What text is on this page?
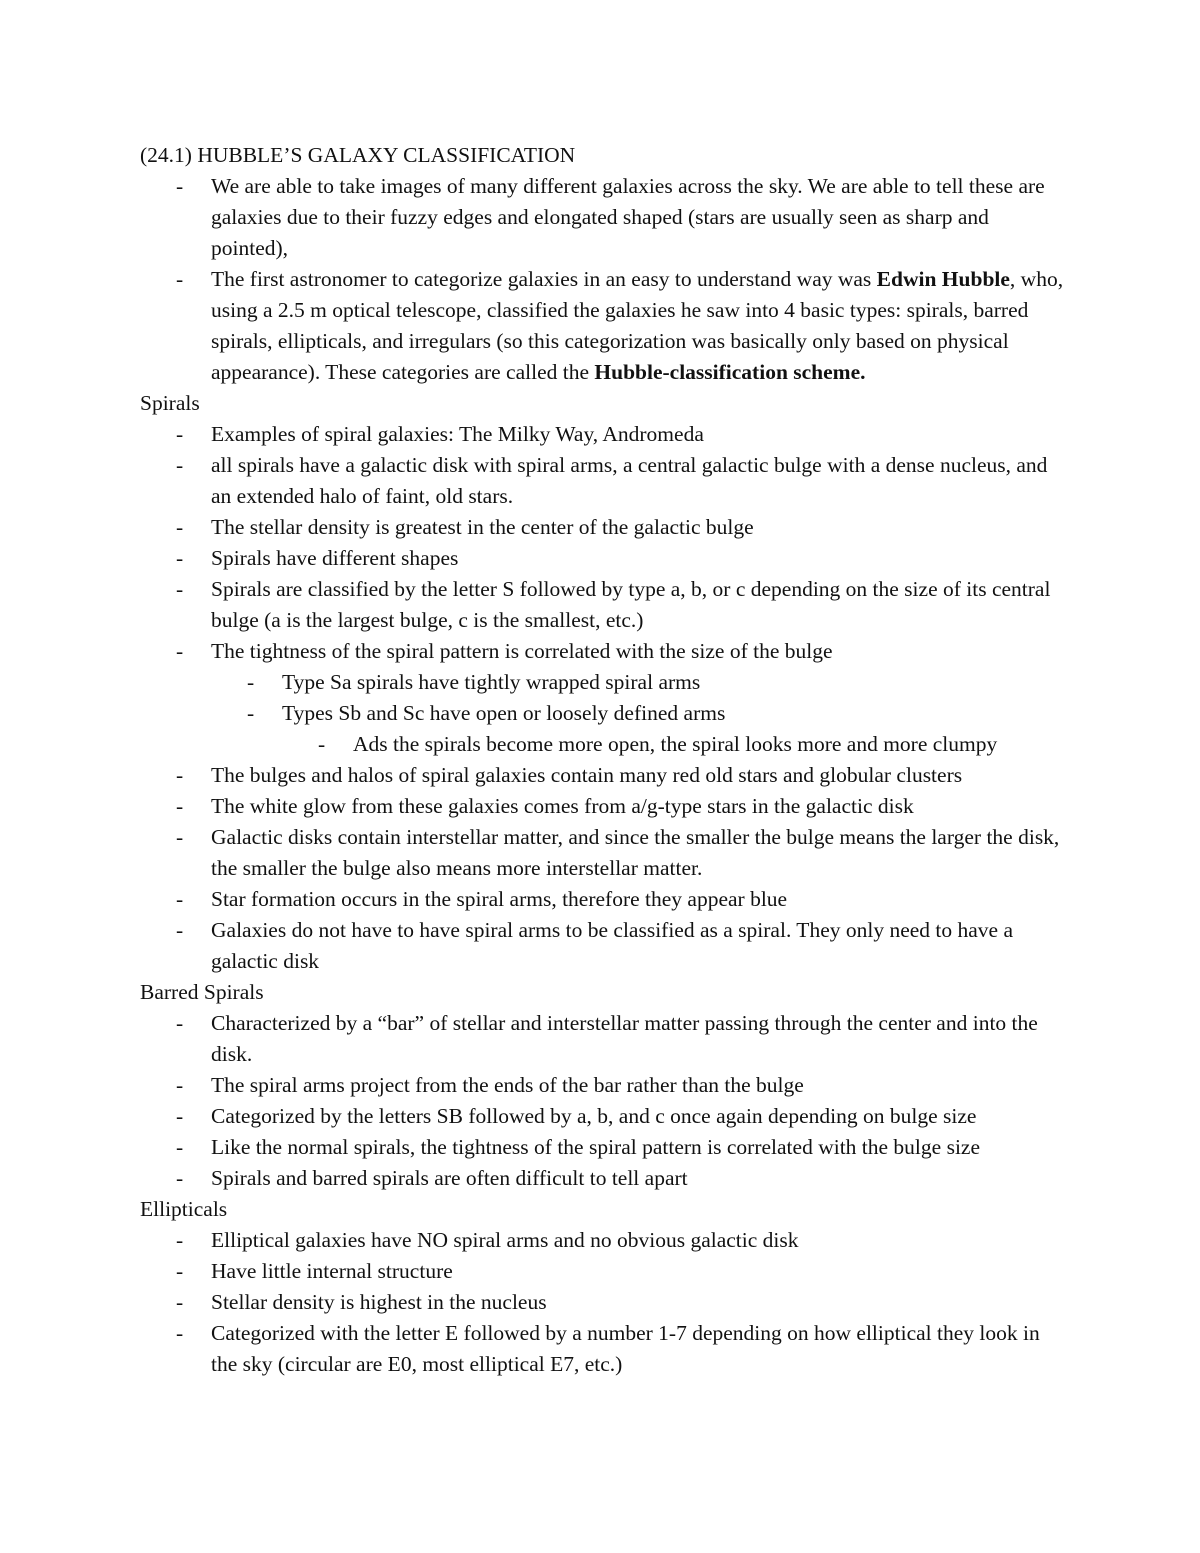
(24.1) HUBBLE’S GALAXY CLASSIFICATION

- We are able to take images of many different galaxies across the sky. We are able to tell these are galaxies due to their fuzzy edges and elongated shaped (stars are usually seen as sharp and pointed),
- The first astronomer to categorize galaxies in an easy to understand way was Edwin Hubble, who, using a 2.5 m optical telescope, classified the galaxies he saw into 4 basic types: spirals, barred spirals, ellipticals, and irregulars (so this categorization was basically only based on physical appearance). These categories are called the Hubble-classification scheme.

Spirals

- Examples of spiral galaxies: The Milky Way, Andromeda
- all spirals have a galactic disk with spiral arms, a central galactic bulge with a dense nucleus, and an extended halo of faint, old stars.
- The stellar density is greatest in the center of the galactic bulge
- Spirals have different shapes
- Spirals are classified by the letter S followed by type a, b, or c depending on the size of its central bulge (a is the largest bulge, c is the smallest, etc.)
- The tightness of the spiral pattern is correlated with the size of the bulge
- Type Sa spirals have tightly wrapped spiral arms
- Types Sb and Sc have open or loosely defined arms
- Ads the spirals become more open, the spiral looks more and more clumpy
- The bulges and halos of spiral galaxies contain many red old stars and globular clusters
- The white glow from these galaxies comes from a/g-type stars in the galactic disk
- Galactic disks contain interstellar matter, and since the smaller the bulge means the larger the disk, the smaller the bulge also means more interstellar matter.
- Star formation occurs in the spiral arms, therefore they appear blue
- Galaxies do not have to have spiral arms to be classified as a spiral. They only need to have a galactic disk

Barred Spirals

- Characterized by a “bar” of stellar and interstellar matter passing through the center and into the disk.
- The spiral arms project from the ends of the bar rather than the bulge
- Categorized by the letters SB followed by a, b, and c once again depending on bulge size
- Like the normal spirals, the tightness of the spiral pattern is correlated with the bulge size
- Spirals and barred spirals are often difficult to tell apart

Ellipticals

- Elliptical galaxies have NO spiral arms and no obvious galactic disk
- Have little internal structure
- Stellar density is highest in the nucleus
- Categorized with the letter E followed by a number 1-7 depending on how elliptical they look in the sky (circular are E0, most elliptical E7, etc.)
